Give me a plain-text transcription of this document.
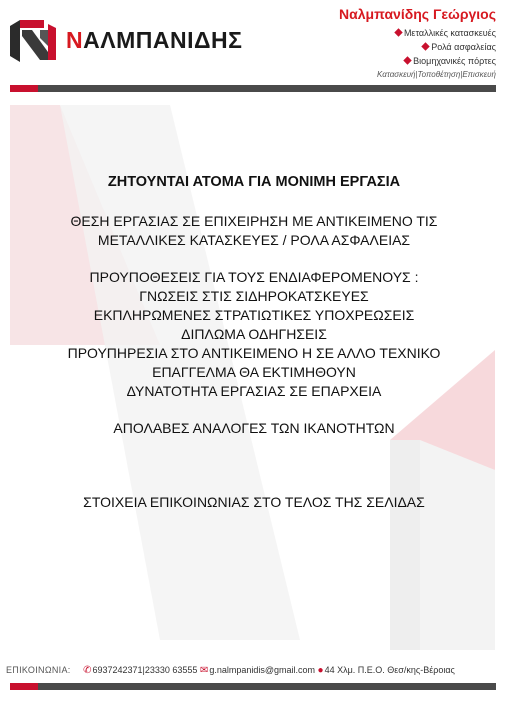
ΝΑΛΜΠΑΝΙΔΗΣ
Ναλμπανίδης Γεώργιος
Μεταλλικές κατασκευές
Ρολά ασφαλείας
Βιομηχανικές πόρτες
Κατασκευή|Τοποθέτηση|Επισκευή
ΖΗΤΟΥΝΤΑΙ ΑΤΟΜΑ ΓΙΑ ΜΟΝΙΜΗ ΕΡΓΑΣΙΑ
ΘΕΣΗ ΕΡΓΑΣΙΑΣ ΣΕ ΕΠΙΧΕΙΡΗΣΗ ΜΕ ΑΝΤΙΚΕΙΜΕΝΟ ΤΙΣ
ΜΕΤΑΛΛΙΚΕΣ ΚΑΤΑΣΚΕΥΕΣ / ΡΟΛΑ ΑΣΦΑΛΕΙΑΣ
ΠΡΟΥΠΟΘΕΣΕΙΣ ΓΙΑ ΤΟΥΣ ΕΝΔΙΑΦΕΡΟΜΕΝΟΥΣ :
ΓΝΩΣΕΙΣ ΣΤΙΣ ΣΙΔΗΡΟΚΑΤΣΚΕΥΕΣ
ΕΚΠΛΗΡΩΜΕΝΕΣ ΣΤΡΑΤΙΩΤΙΚΕΣ ΥΠΟΧΡΕΩΣΕΙΣ
ΔΙΠΛΩΜΑ ΟΔΗΓΗΣΕΙΣ
ΠΡΟΥΠΗΡΕΣΙΑ ΣΤΟ ΑΝΤΙΚΕΙΜΕΝΟ Η ΣΕ ΑΛΛΟ ΤΕΧΝΙΚΟ
ΕΠΑΓΓΕΛΜΑ ΘΑ ΕΚΤΙΜΗΘΟΥΝ
ΔΥΝΑΤΟΤΗΤΑ ΕΡΓΑΣΙΑΣ ΣΕ ΕΠΑΡΧΕΙΑ
ΑΠΟΛΑΒΕΣ ΑΝΑΛΟΓΕΣ ΤΩΝ ΙΚΑΝΟΤΗΤΩΝ
ΣΤΟΙΧΕΙΑ ΕΠΙΚΟΙΝΩΝΙΑΣ ΣΤΟ ΤΕΛΟΣ ΤΗΣ ΣΕΛΙΔΑΣ
ΕΠΙΚΟΙΝΩΝΙΑ: ✆6937242371|23330 63555 ✉g.nalmpanidis@gmail.com ●44 Χλμ. Π.Ε.Ο. Θεσ/κης-Βέροιας
